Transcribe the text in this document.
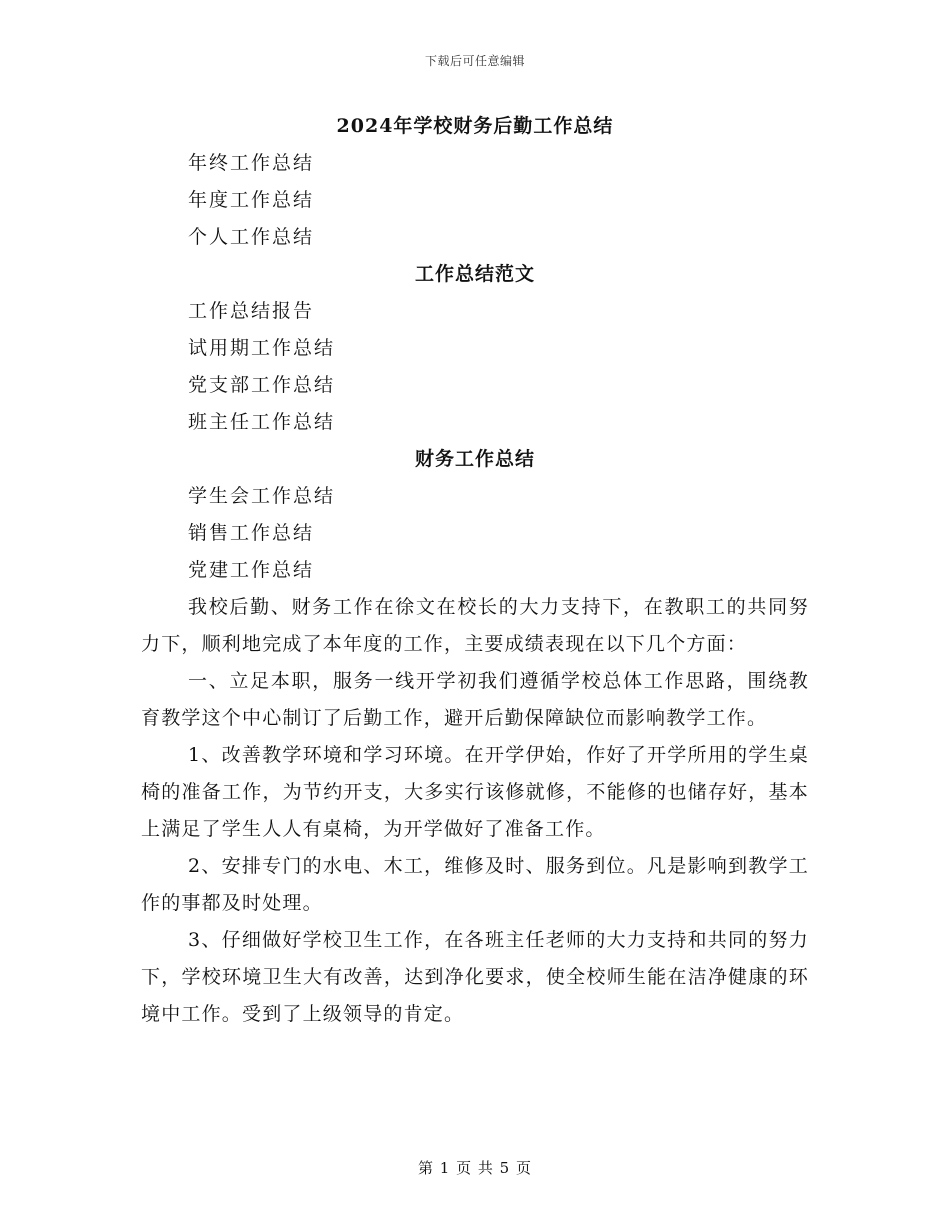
下载后可任意编辑
2024年学校财务后勤工作总结

年终工作总结

年度工作总结

个人工作总结

工作总结范文

工作总结报告

试用期工作总结

党支部工作总结

班主任工作总结

财务工作总结

学生会工作总结

销售工作总结

党建工作总结

我校后勤、财务工作在徐文在校长的大力支持下，在教职工的共同努力下，顺利地完成了本年度的工作，主要成绩表现在以下几个方面：

一、立足本职，服务一线开学初我们遵循学校总体工作思路，围绕教育教学这个中心制订了后勤工作，避开后勤保障缺位而影响教学工作。

1、改善教学环境和学习环境。在开学伊始，作好了开学所用的学生桌椅的准备工作，为节约开支，大多实行该修就修，不能修的也储存好，基本上满足了学生人人有桌椅，为开学做好了准备工作。

2、安排专门的水电、木工，维修及时、服务到位。凡是影响到教学工作的事都及时处理。

3、仔细做好学校卫生工作，在各班主任老师的大力支持和共同的努力下，学校环境卫生大有改善，达到净化要求，使全校师生能在洁净健康的环境中工作。受到了上级领导的肯定。

第 1 页 共 5 页
